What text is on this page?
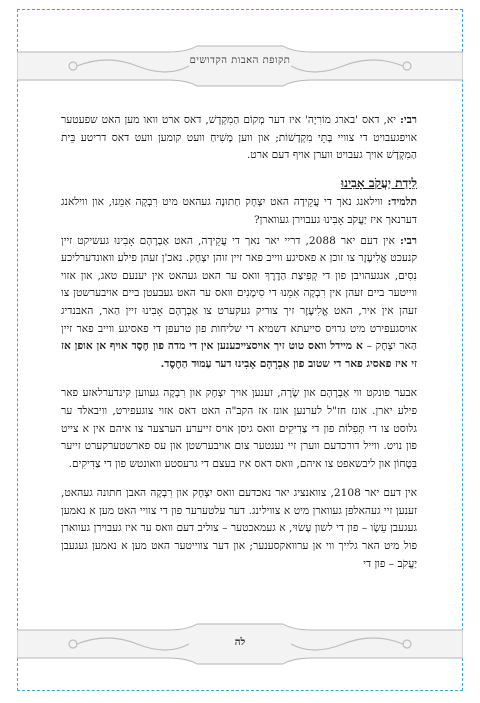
תקופת האבות הקדושים

רבי: יא, דאס 'בארג מוֹרִיָה' איז דער מְקוֹם הַמִקְדָשׁ, דאס ארט וואו מען האט שפעטער אויפגעבויט די צוויי בָּתֵּי מִקְדָשׁוֹת; און ווען מָשִׁיחַ וועט קומען וועט דאס דריטע בֵּית הַמִקְדָשׁ אויך געבויט ווערן אויף דעם ארט.

לֵידַת יַעֲקֹב אָבִינוּ

תלמיד: ווילאנג נאך די עֲקֵידָה האט יִצְחָק חַתוּנָה געהאט מיט רִבְקָה אִמֵנוּ, און ווילאנג דערנאך איז יַעֲקֹב אָבִינוּ געבוירן געווארן?

רבי: אין דעם יאר 2088, דריי יאר נאך די עֲקֵידָה, האט אַבְרָהָם אָבִינוּ געשיקט זיין קנעכט אֱלִיעֶזֶר צו זוכן א פאסיגע ווייב פאר זיין זוהן יִצְחָק. נאכ'ן זעהן פילע וואונדערליכע נִסִים, אנגעהויבן פון די קְפִיצַת הַדֶרֶךְ וואס ער האט געהאט אין יענעם טאג, און אזוי ווייטער ביים זעהן אין רִבְקָה אִמֵנוּ די סִימָנִים וואס ער האט געבעטן ביים אויבערשטן צו זעהן אין איר, האט אֱלִיעֶזֶר זיך צוריק געקערט צו אַבְרָהָם אָבִינוּ זיין הַאר, האבנדיג אויסגעפירט מיט גרויס סייעתא דשמיא די שליחות פון טרעפן די פאסיגע ווייב פאר זיין הַאר יִצְחָק – א מיידל וואס טוט זיך אויסצייכענען אין די מדה פון חֶסֶד אויף אן אופן אז זי איז פאסיג פאר די שטוב פון אַבְרָהָם אָבִינוּ דער עַמוּד הַחֶסֶד.

אבער פונקט ווי אַבְרָהָם און שָׂרָה, זענען אויך יִצְחָק און רִבְקָה געווען קינדערלאזע פאר פילע יארן. אונז חז"ל לערנען אונז אז הקב"ה האט דאס אזוי צוגעפירט, וויבאלד ער גלוסט צו די תְּפִלוֹת פון די צַדִיקִים וואס גיסן אויס זייערע הערצער צו איהם אין א צייט פון נויט. ווייל דורכדעם ווערן זיי נענטער צום אויבערשטן און עס פארשטערקערט זייער בִּטָחוֹן און ליבשאפט צו איהם, וואס דאס איז בעצם די גרעסטע וואונטש פון די צַדִיקִים.

אין דעם יאר 2108, צוואנציג יאר נאכדעם וואס יִצְחָק און רִבְקָה האבן חתונה געהאט, זענען זיי געהאלפן געווארן מיט א צווילינג. דער עלטערער פון די צוויי האט מען א נאמען געגעבן עֵשָׂו – פון די לשון עָשׂוּי, א געמאכטער – צוליב דעם וואס ער איז געבוירן געווארן פול מיט האר גלייך ווי אן ערוואקסענער; און דער צווייטער האט מען א נאמען געגעבן יַעֲקֹב – פון די

לה
